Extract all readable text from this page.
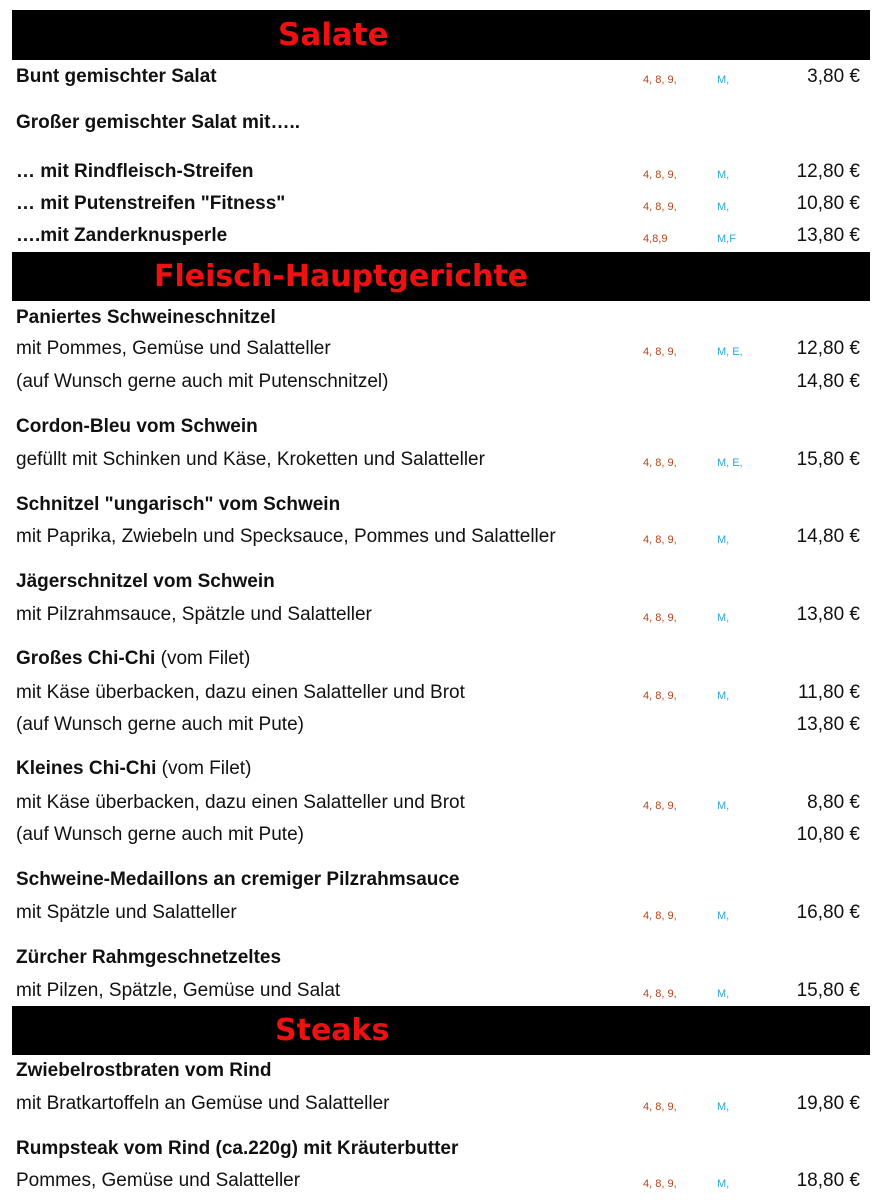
Salate
Bunt gemischter Salat	4, 8, 9,	M,	3,80 €
Großer gemischter Salat mit…..
… mit Rindfleisch-Streifen	4, 8, 9,	M,	12,80 €
… mit Putenstreifen "Fitness"	4, 8, 9,	M,	10,80 €
….mit Zanderknusperle	4,8,9	M,F	13,80 €
Fleisch-Hauptgerichte
Paniertes Schweineschnitzel
mit Pommes, Gemüse und Salatteller	4, 8, 9,	M, E,	12,80 €
(auf Wunsch gerne auch mit Putenschnitzel)	14,80 €
Cordon-Bleu vom Schwein
gefüllt mit Schinken und Käse, Kroketten und Salatteller	4, 8, 9,	M, E,	15,80 €
Schnitzel "ungarisch" vom Schwein
mit Paprika, Zwiebeln und Specksauce, Pommes und Salatteller	4, 8, 9,	M,	14,80 €
Jägerschnitzel vom Schwein
mit Pilzrahmsauce, Spätzle und Salatteller	4, 8, 9,	M,	13,80 €
Großes Chi-Chi (vom Filet)
mit Käse überbacken, dazu einen Salatteller und Brot	4, 8, 9,	M,	11,80 €
(auf Wunsch gerne auch mit Pute)	13,80 €
Kleines Chi-Chi (vom Filet)
mit Käse überbacken, dazu einen Salatteller und Brot	4, 8, 9,	M,	8,80 €
(auf Wunsch gerne auch mit Pute)	10,80 €
Schweine-Medaillons an cremiger Pilzrahmsauce
mit Spätzle und Salatteller	4, 8, 9,	M,	16,80 €
Zürcher Rahmgeschnetzeltes
mit Pilzen, Spätzle, Gemüse und Salat	4, 8, 9,	M,	15,80 €
Steaks
Zwiebelrostbraten vom Rind
mit Bratkartoffeln an Gemüse und Salatteller	4, 8, 9,	M,	19,80 €
Rumpsteak vom Rind (ca.220g) mit Kräuterbutter
Pommes, Gemüse und Salatteller	4, 8, 9,	M,	18,80 €
